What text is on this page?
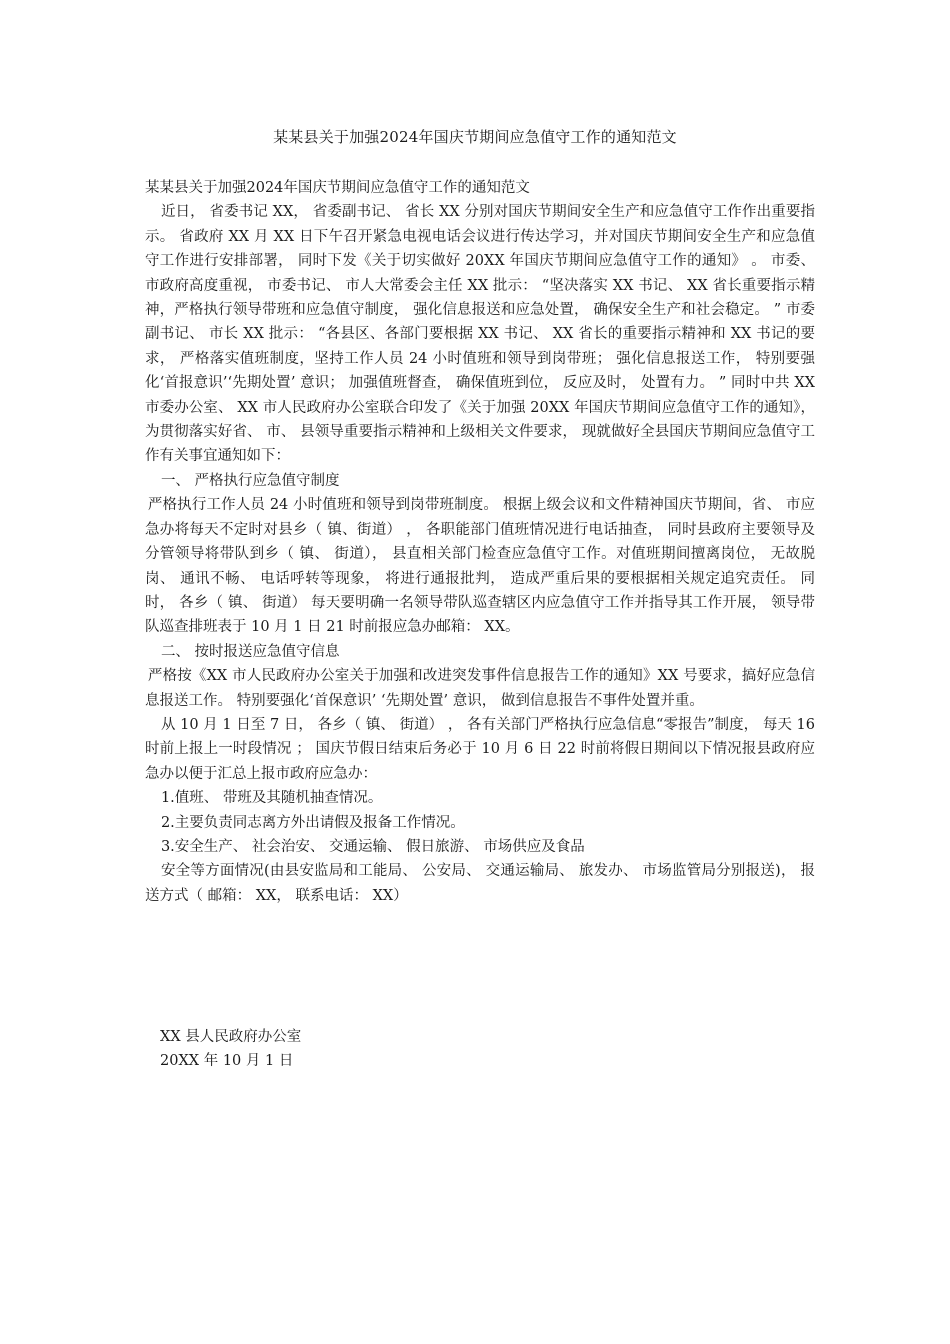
某某县关于加强2024年国庆节期间应急值守工作的通知范文

某某县关于加强2024年国庆节期间应急值守工作的通知范文

近日， 省委书记 XX， 省委副书记、 省长 XX 分别对国庆节期间安全生产和应急值守工作作出重要指示。 省政府 XX 月 XX 日下午召开紧急电视电话会议进行传达学习，并对国庆节期间安全生产和应急值守工作进行安排部署， 同时下发《关于切实做好 20XX 年国庆节期间应急值守工作的通知》 。 市委、 市政府高度重视， 市委书记、 市人大常委会主任 XX 批示： “坚决落实 XX 书记、 XX 省长重要指示精神，严格执行领导带班和应急值守制度， 强化信息报送和应急处置， 确保安全生产和社会稳定。 ” 市委副书记、 市长 XX 批示： “各县区、各部门要根据 XX 书记、 XX 省长的重要指示精神和 XX 书记的要求， 严格落实值班制度，坚持工作人员 24 小时值班和领导到岗带班； 强化信息报送工作， 特别要强化‘首报意识’‘先期处置’ 意识； 加强值班督查， 确保值班到位， 反应及时， 处置有力。 ” 同时中共 XX 市委办公室、 XX 市人民政府办公室联合印发了《关于加强 20XX 年国庆节期间应急值守工作的通知》，为贯彻落实好省、 市、 县领导重要指示精神和上级相关文件要求， 现就做好全县国庆节期间应急值守工作有关事宜通知如下：

一、 严格执行应急值守制度

严格执行工作人员 24 小时值班和领导到岗带班制度。 根据上级会议和文件精神国庆节期间，省、 市应急办将每天不定时对县乡（ 镇、街道） ， 各职能部门值班情况进行电话抽查， 同时县政府主要领导及分管领导将带队到乡（ 镇、 街道）， 县直相关部门检查应急值守工作。对值班期间擅离岗位， 无故脱岗、 通讯不畅、 电话呼转等现象， 将进行通报批判， 造成严重后果的要根据相关规定追究责任。 同时， 各乡（ 镇、 街道） 每天要明确一名领导带队巡查辖区内应急值守工作并指导其工作开展， 领导带队巡查排班表于 10 月 1 日 21 时前报应急办邮箱： XX。

二、 按时报送应急值守信息

严格按《XX 市人民政府办公室关于加强和改进突发事件信息报告工作的通知》XX 号要求，搞好应急信息报送工作。 特别要强化‘首保意识’ ‘先期处置’ 意识， 做到信息报告不事件处置并重。

从 10 月 1 日至 7 日， 各乡（ 镇、 街道） ， 各有关部门严格执行应急信息“零报告”制度， 每天 16 时前上报上一时段情况 ； 国庆节假日结束后务必于 10 月 6 日 22 时前将假日期间以下情况报县政府应急办以便于汇总上报市政府应急办：

1.值班、 带班及其随机抽查情况。

2.主要负责同志离方外出请假及报备工作情况。

3.安全生产、 社会治安、 交通运输、 假日旅游、 市场供应及食品

安全等方面情况(由县安监局和工能局、 公安局、 交通运输局、 旅发办、 市场监管局分别报送)， 报送方式（ 邮箱： XX， 联系电话： XX）

XX 县人民政府办公室
20XX 年 10 月 1 日
